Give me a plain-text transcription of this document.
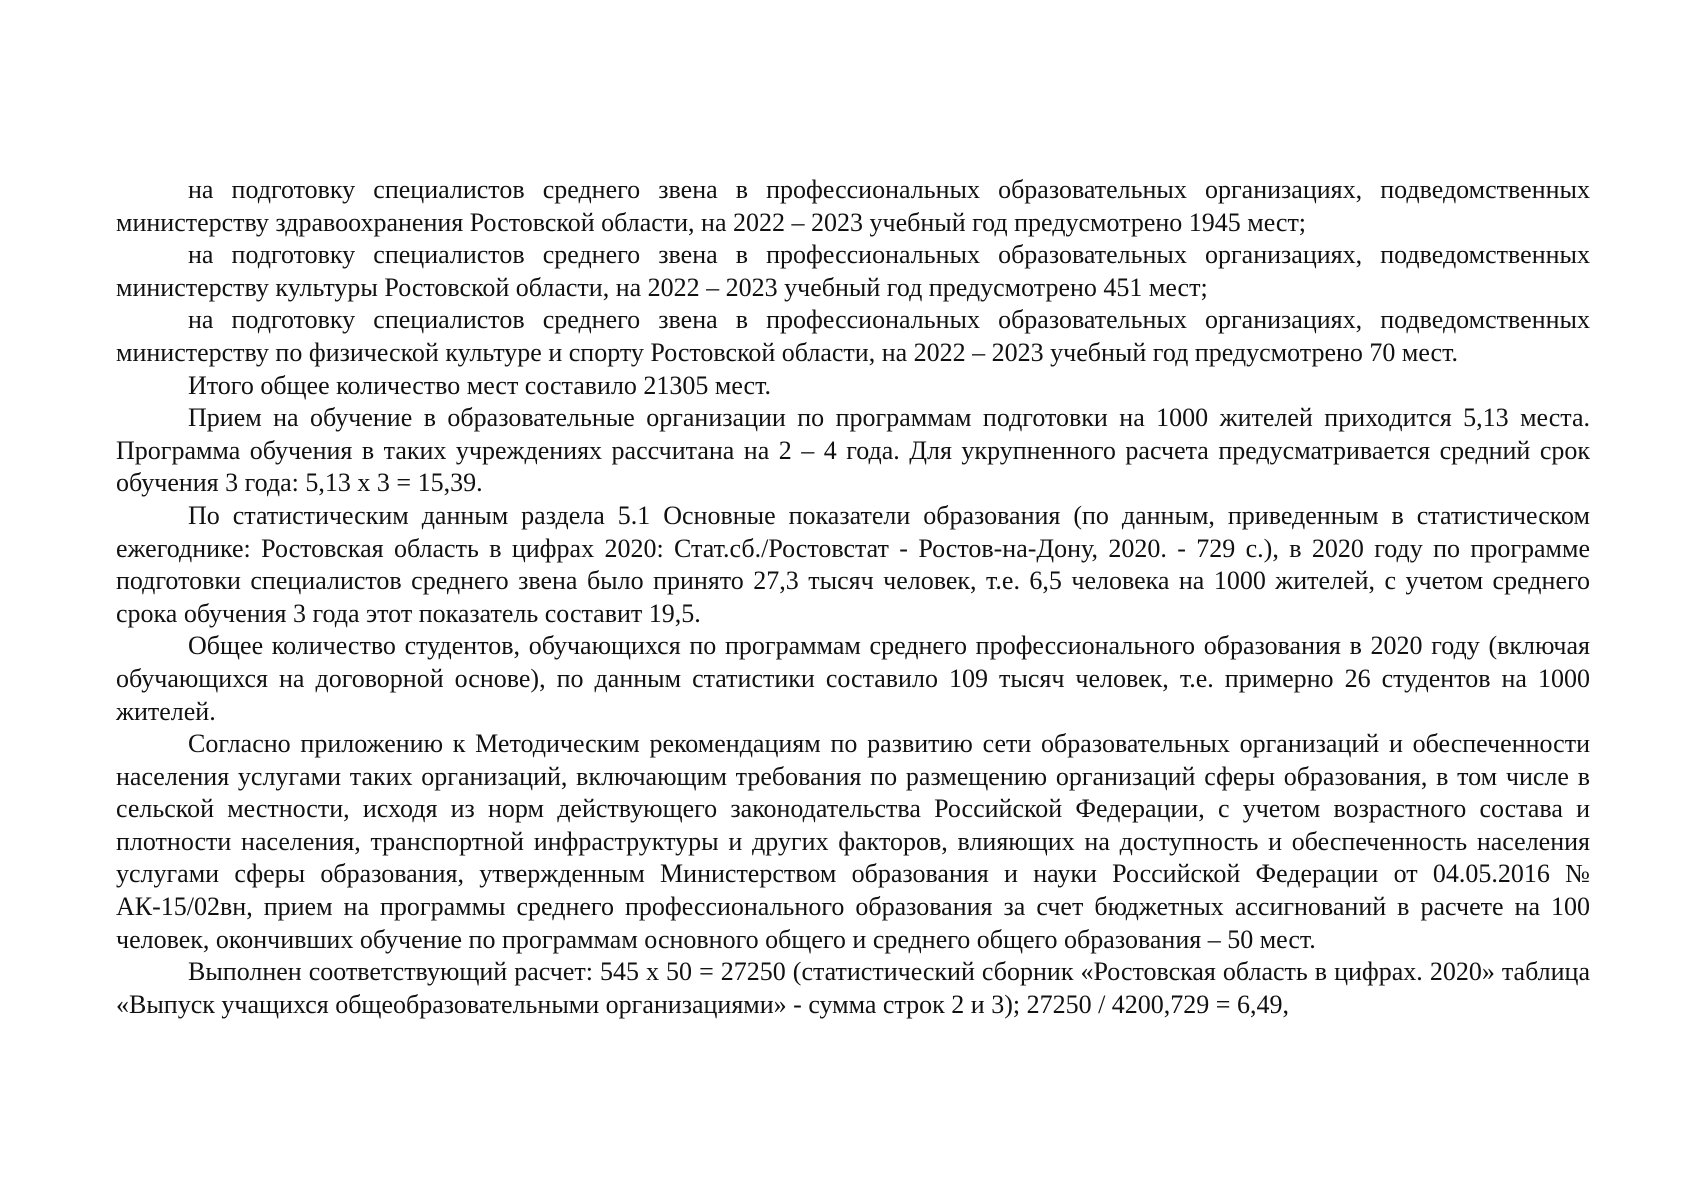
на подготовку специалистов среднего звена в профессиональных образовательных организациях, подведомственных министерству здравоохранения Ростовской области, на 2022 – 2023 учебный год предусмотрено 1945 мест;

на подготовку специалистов среднего звена в профессиональных образовательных организациях, подведомственных министерству культуры Ростовской области, на 2022 – 2023 учебный год предусмотрено 451 мест;

на подготовку специалистов среднего звена в профессиональных образовательных организациях, подведомственных министерству по физической культуре и спорту Ростовской области, на 2022 – 2023 учебный год предусмотрено 70 мест.

Итого общее количество мест составило 21305 мест.

Прием на обучение в образовательные организации по программам подготовки на 1000 жителей приходится 5,13 места. Программа обучения в таких учреждениях рассчитана на 2 – 4 года. Для укрупненного расчета предусматривается средний срок обучения 3 года: 5,13 х 3 = 15,39.

По статистическим данным раздела 5.1 Основные показатели образования (по данным, приведенным в статистическом ежегоднике: Ростовская область в цифрах 2020: Стат.сб./Ростовстат - Ростов-на-Дону, 2020. - 729 с.), в 2020 году по программе подготовки специалистов среднего звена было принято 27,3 тысяч человек, т.е. 6,5 человека на 1000 жителей, с учетом среднего срока обучения 3 года этот показатель составит 19,5.

Общее количество студентов, обучающихся по программам среднего профессионального образования в 2020 году (включая обучающихся на договорной основе), по данным статистики составило 109 тысяч человек, т.е. примерно 26 студентов на 1000 жителей.

Согласно приложению к Методическим рекомендациям по развитию сети образовательных организаций и обеспеченности населения услугами таких организаций, включающим требования по размещению организаций сферы образования, в том числе в сельской местности, исходя из норм действующего законодательства Российской Федерации, с учетом возрастного состава и плотности населения, транспортной инфраструктуры и других факторов, влияющих на доступность и обеспеченность населения услугами сферы образования, утвержденным Министерством образования и науки Российской Федерации от 04.05.2016 № АК-15/02вн, прием на программы среднего профессионального образования за счет бюджетных ассигнований в расчете на 100 человек, окончивших обучение по программам основного общего и среднего общего образования – 50 мест.

Выполнен соответствующий расчет: 545 х 50 = 27250 (статистический сборник «Ростовская область в цифрах. 2020» таблица «Выпуск учащихся общеобразовательными организациями» - сумма строк 2 и 3); 27250 / 4200,729 = 6,49,
